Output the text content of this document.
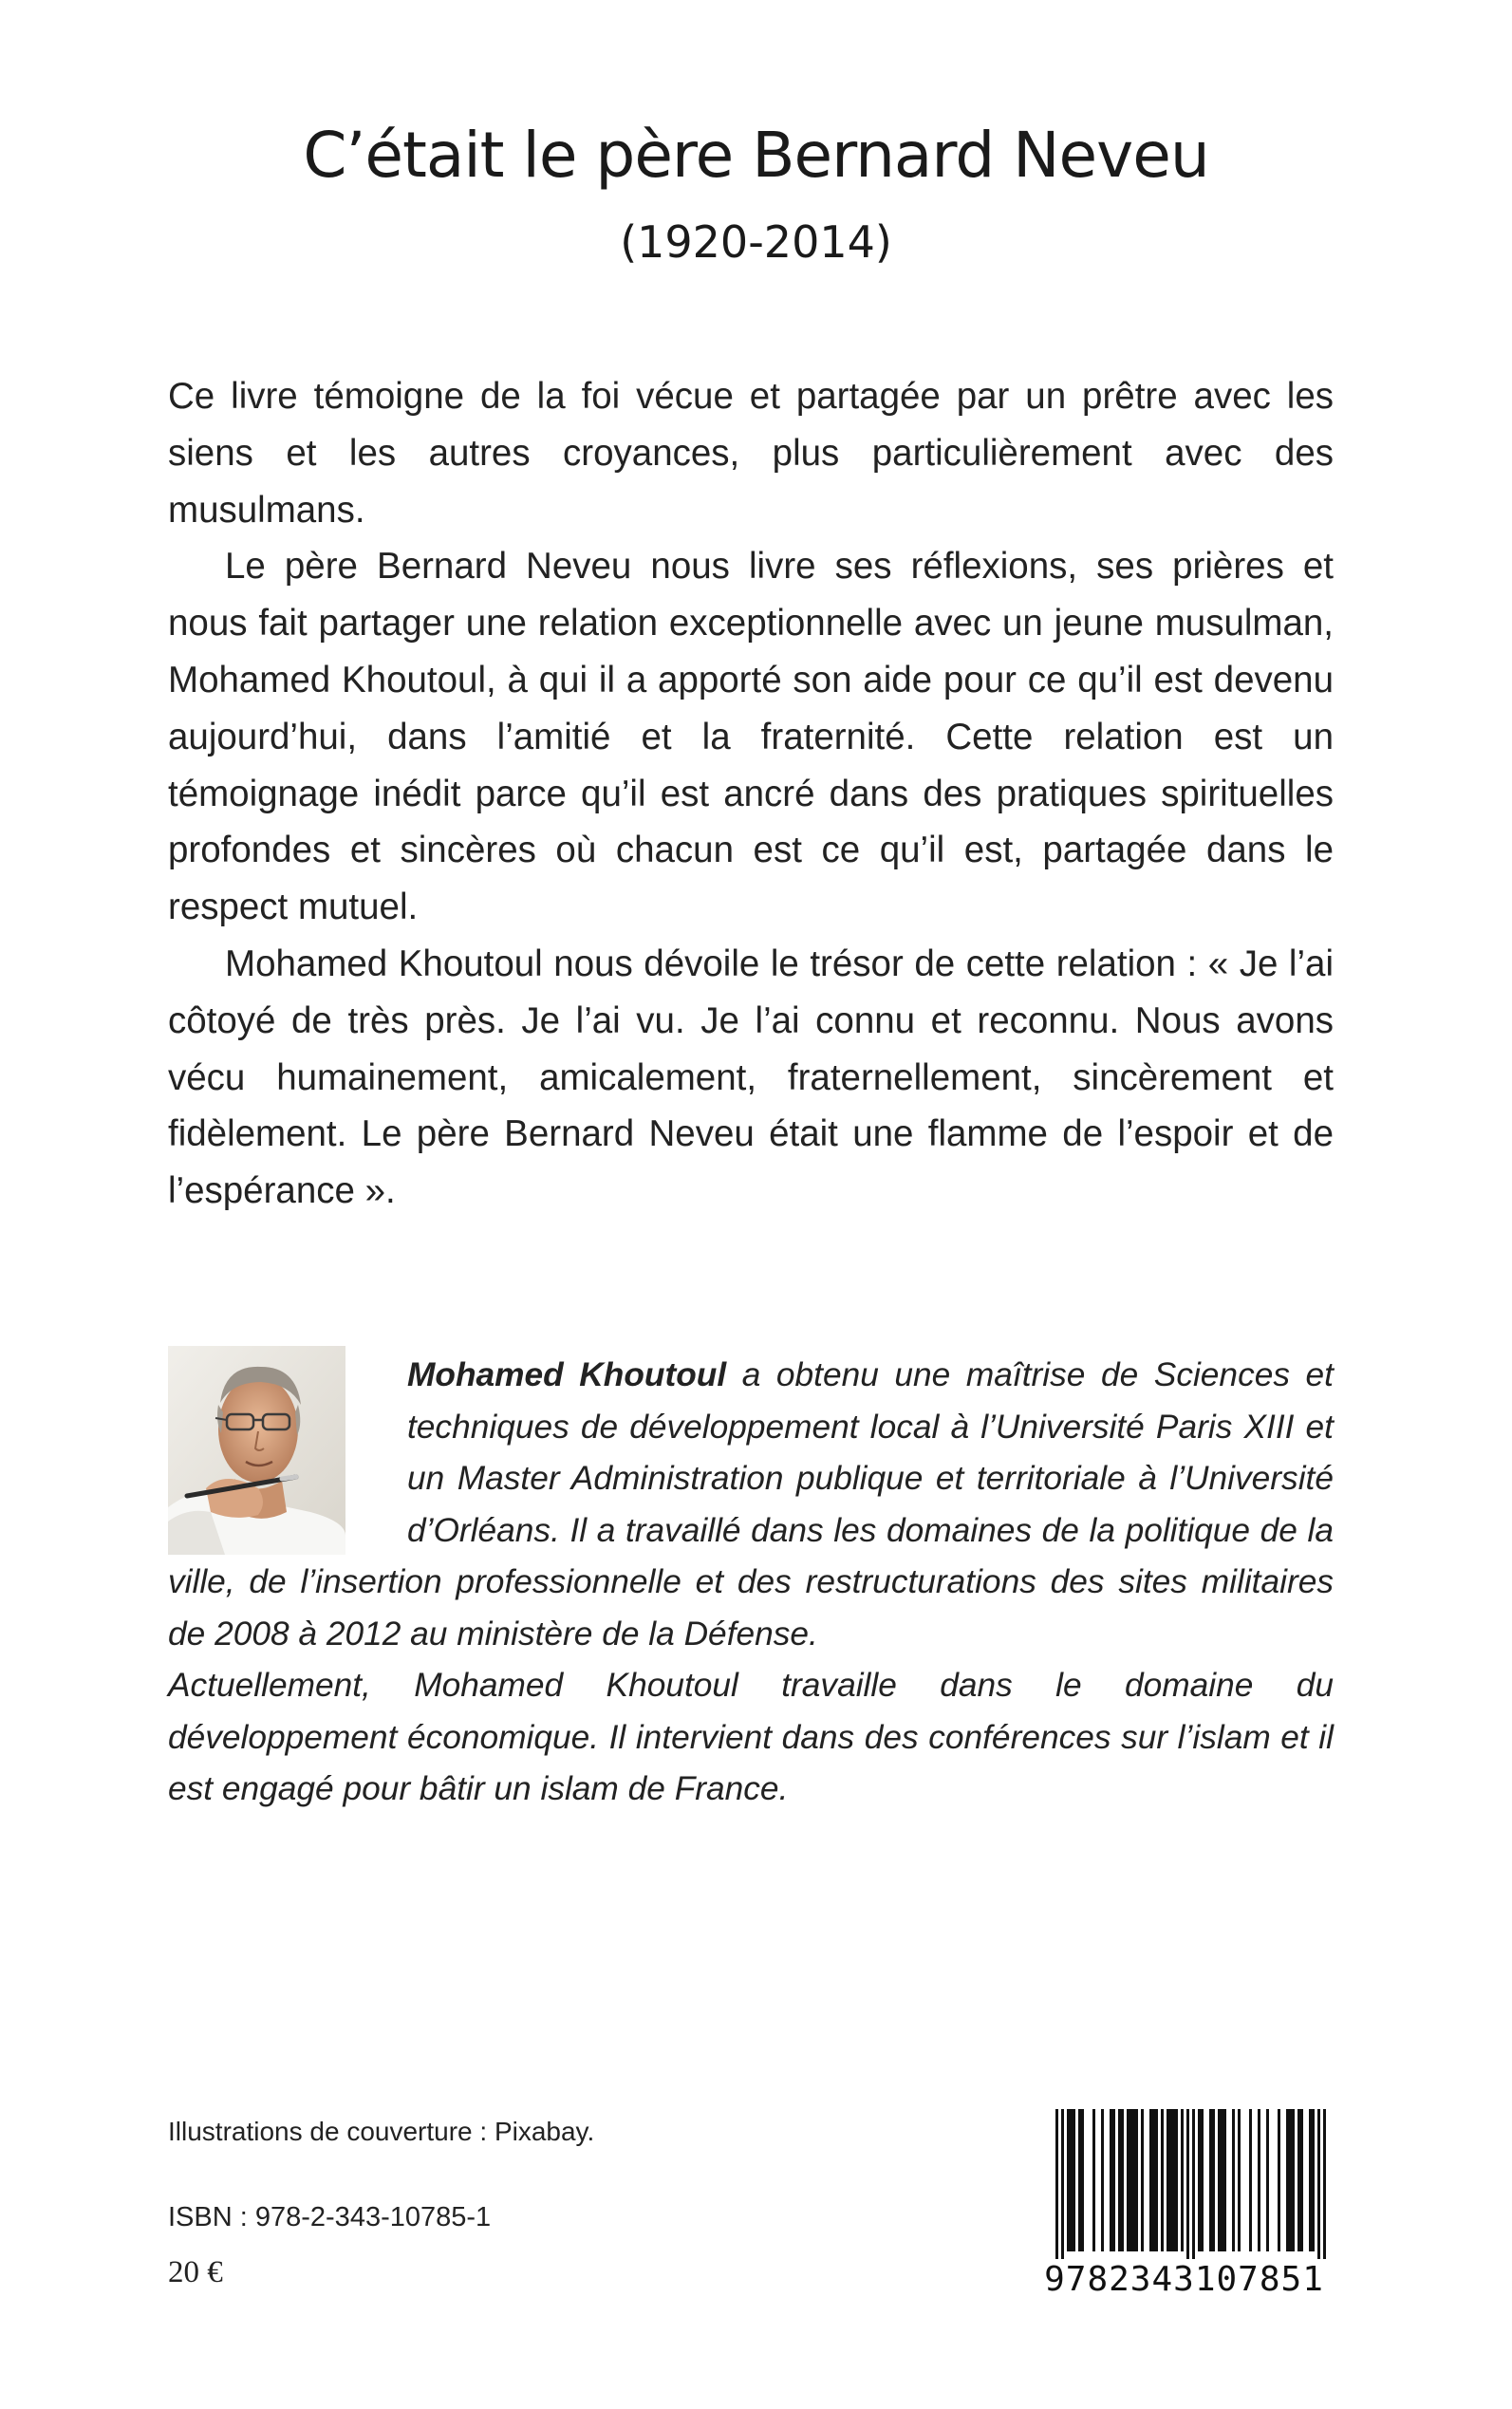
C’était le père Bernard Neveu
(1920-2014)

Ce livre témoigne de la foi vécue et partagée par un prêtre avec les siens et les autres croyances, plus particulièrement avec des musulmans.

Le père Bernard Neveu nous livre ses réflexions, ses prières et nous fait partager une relation exceptionnelle avec un jeune musulman, Mohamed Khoutoul, à qui il a apporté son aide pour ce qu’il est devenu aujourd’hui, dans l’amitié et la fraternité. Cette relation est un témoignage inédit parce qu’il est ancré dans des pratiques spirituelles profondes et sincères où chacun est ce qu’il est, partagée dans le respect mutuel.

Mohamed Khoutoul nous dévoile le trésor de cette relation : « Je l’ai côtoyé de très près. Je l’ai vu. Je l’ai connu et reconnu. Nous avons vécu humainement, amicalement, fraternellement, sincèrement et fidèlement. Le père Bernard Neveu était une flamme de l’espoir et de l’espérance ».

Mohamed Khoutoul a obtenu une maîtrise de Sciences et techniques de développement local à l’Université Paris XIII et un Master Administration publique et territoriale à l’Université d’Orléans. Il a travaillé dans les domaines de la politique de la ville, de l’insertion professionnelle et des restructurations des sites militaires de 2008 à 2012 au ministère de la Défense.

Actuellement, Mohamed Khoutoul travaille dans le domaine du développement économique. Il intervient dans des conférences sur l’islam et il est engagé pour bâtir un islam de France.

Illustrations de couverture : Pixabay.
ISBN : 978-2-343-10785-1
20 €	9782343107851
